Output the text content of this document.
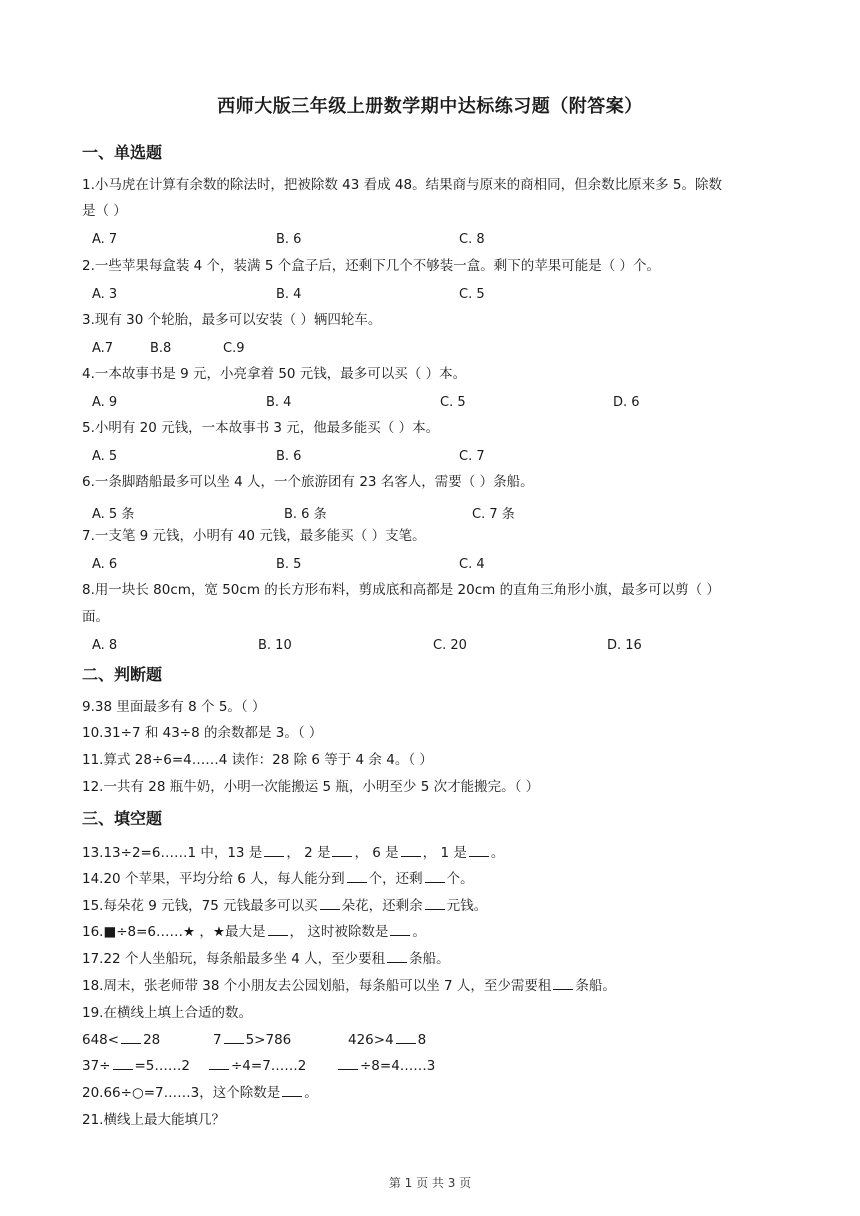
西师大版三年级上册数学期中达标练习题（附答案）
一、单选题
1.小马虎在计算有余数的除法时，把被除数 43 看成 48。结果商与原来的商相同，但余数比原来多 5。除数
是（ ）
A. 7	B. 6	C. 8
2.一些苹果每盒装 4 个，装满 5 个盒子后，还剩下几个不够装一盒。剩下的苹果可能是（ ）个。
A. 3	B. 4	C. 5
3.现有 30 个轮胎，最多可以安装（ ）辆四轮车。
A.7	B.8	C.9
4.一本故事书是 9 元，小亮拿着 50 元钱，最多可以买（ ）本。
A. 9	B. 4	C. 5	D. 6
5.小明有 20 元钱，一本故事书 3 元，他最多能买（ ）本。
A. 5	B. 6	C. 7
6.一条脚踏船最多可以坐 4 人，一个旅游团有 23 名客人，需要（ ）条船。
A. 5 条	B. 6 条	C. 7 条
7.一支笔 9 元钱，小明有 40 元钱，最多能买（ ）支笔。
A. 6	B. 5	C. 4
8.用一块长 80cm，宽 50cm 的长方形布料，剪成底和高都是 20cm 的直角三角形小旗，最多可以剪（ ）
面。
A. 8	B. 10	C. 20	D. 16
二、判断题
9.38 里面最多有 8 个 5。（ ）
10.31÷7 和 43÷8 的余数都是 3。（ ）
11.算式 28÷6=4……4 读作：28 除 6 等于 4 余 4。（ ）
12.一共有 28 瓶牛奶，小明一次能搬运 5 瓶，小明至少 5 次才能搬完。（ ）
三、填空题
13.13÷2=6……1 中，13 是 ， 2 是 ， 6 是 ， 1 是 。
14.20 个苹果，平均分给 6 人，每人能分到 个，还剩 个。
15.每朵花 9 元钱，75 元钱最多可以买 朵花，还剩余 元钱。
16.■÷8=6……★ ，★最大是 ， 这时被除数是 。
17.22 个人坐船玩，每条船最多坐 4 人，至少要租 条船。
18.周末，张老师带 38 个小朋友去公园划船，每条船可以坐 7 人，至少需要租 条船。
19.在横线上填上合适的数。
648< 28	7 5>786	426>4 8
37÷ =5……2	÷4=7……2	÷8=4……3
20.66÷○=7……3，这个除数是 。
21.横线上最大能填几？
第 1 页 共 3 页
